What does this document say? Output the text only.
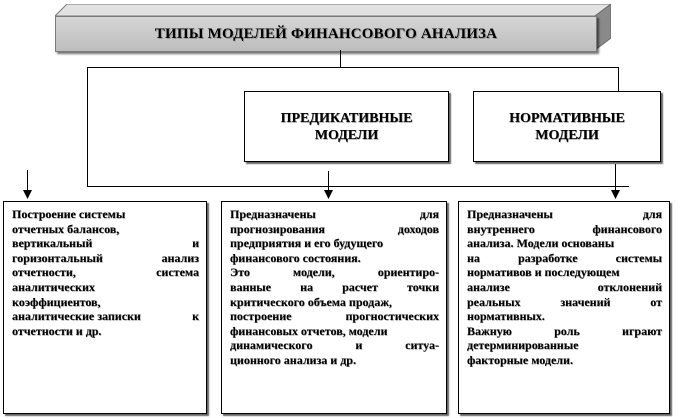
ТИПЫ МОДЕЛЕЙ ФИНАНСОВОГО АНАЛИЗА
ПРЕДИКАТИВНЫЕ
МОДЕЛИ
НОРМАТИВНЫЕ
МОДЕЛИ
Построение системы
отчетных балансов,
вертикальный	и
горизонтальный	анализ
отчетности,	система
аналитических
коэффициентов,
аналитические записки	к
отчетности и др.
Предназначены	для
прогнозирования	доходов
предприятия и его будущего
финансового состояния.
Это	модели,	ориентиро-
ванные на расчет точки
критического объема продаж,
построение	прогностических
финансовых отчетов, модели
динамического	и	ситуа-
ционного анализа и др.
Предназначены	для
внутреннего	финансового
анализа. Модели основаны
на	разработке	системы
нормативов и последующем
анализе	отклонений
реальных	значений	от
нормативных.
Важную	роль	играют
детерминированные
факторные модели.
